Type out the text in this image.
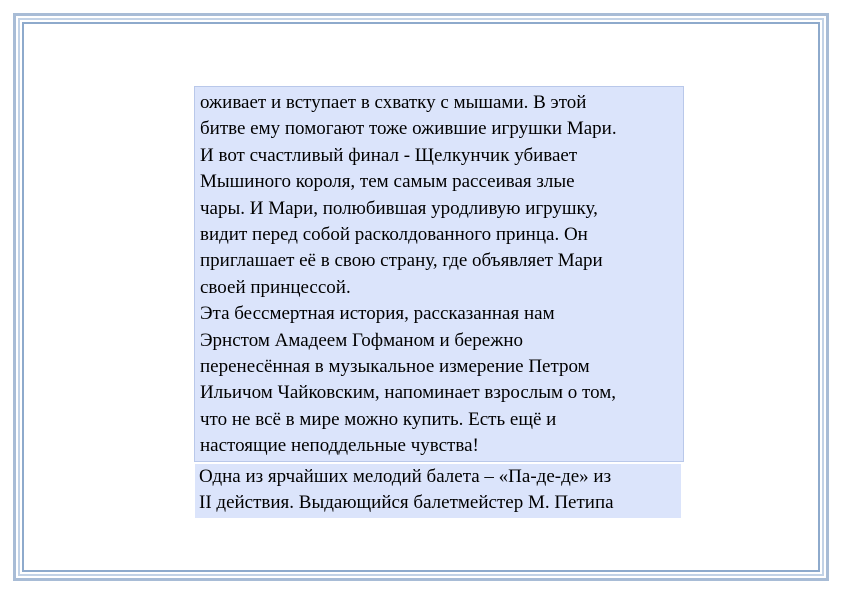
оживает и вступает в схватку с мышами. В этой
битве ему помогают тоже ожившие игрушки Мари.
И вот счастливый финал - Щелкунчик убивает
Мышиного короля, тем самым рассеивая злые
чары. И Мари, полюбившая уродливую игрушку,
видит перед собой расколдованного принца. Он
приглашает её в свою страну, где объявляет Мари
своей принцессой.

Эта бессмертная история, рассказанная нам
Эрнстом Амадеем Гофманом и бережно
перенесённая в музыкальное измерение Петром
Ильичом Чайковским, напоминает взрослым о том,
что не всё в мире можно купить. Есть ещё и
настоящие неподдельные чувства!

Одна из ярчайших мелодий балета – «Па-де-де» из
II действия. Выдающийся балетмейстер М. Петипа
